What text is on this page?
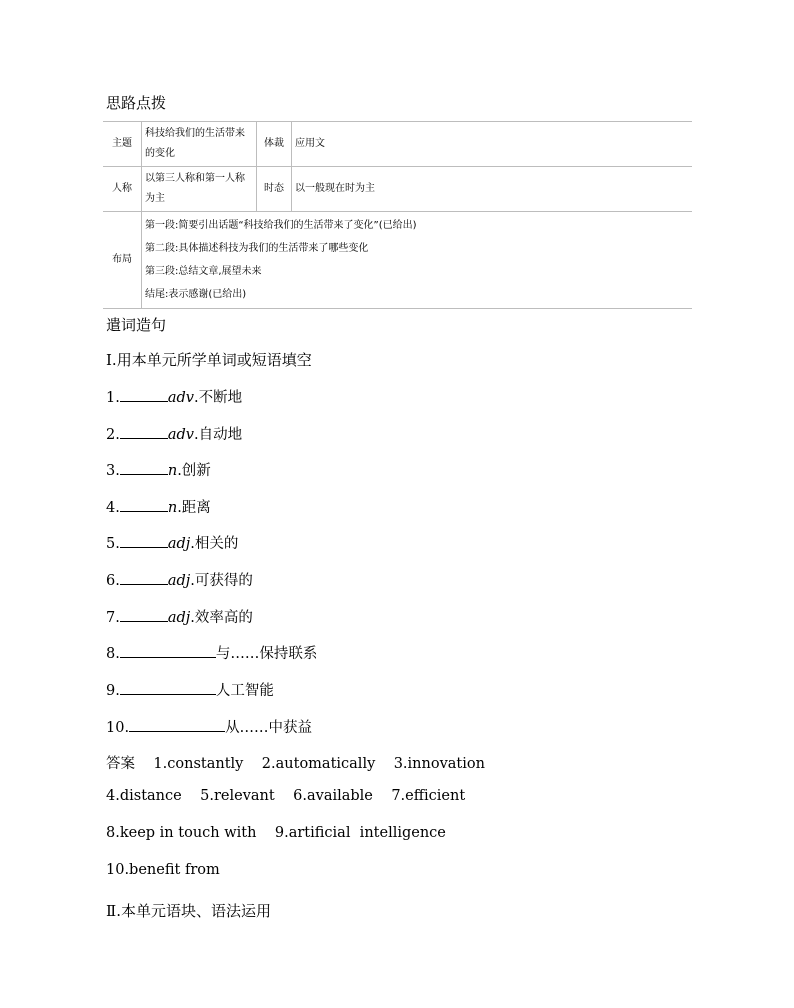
思路点拨
主题	科技给我们的生活带来的变化	体裁	应用文
人称	以第三人称和第一人称为主	时态	以一般现在时为主
布局	第一段:简要引出话题“科技给我们的生活带来了变化”(已给出)
第二段:具体描述科技为我们的生活带来了哪些变化
第三段:总结文章,展望未来
结尾:表示感谢(已给出)		
遣词造句
Ⅰ.用本单元所学单词或短语填空
1.	adv.不断地
2.	adv.自动地
3.	n.创新
4.	n.距离
5.	adj.相关的
6.	adj.可获得的
7.	adj.效率高的
8.	与……保持联系
9.	人工智能
10.	从……中获益
答案    1.constantly    2.automatically    3.innovation
4.distance    5.relevant    6.available    7.efficient
8.keep in touch with    9.artificial  intelligence
10.benefit from
Ⅱ.本单元语块、语法运用
